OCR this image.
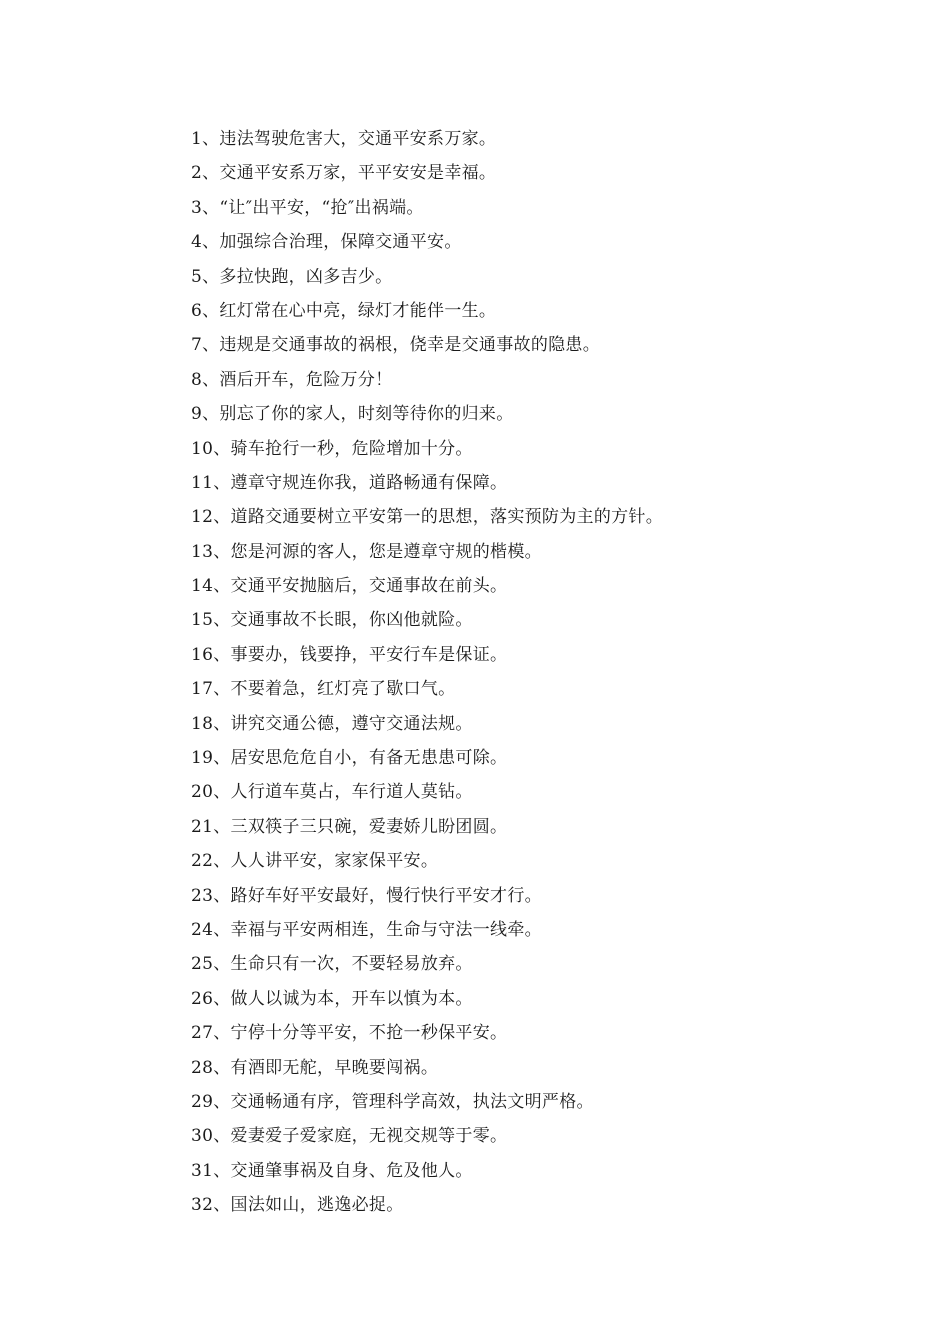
1、违法驾驶危害大，交通平安系万家。
2、交通平安系万家，平平安安是幸福。
3、“让″出平安，“抢″出祸端。
4、加强综合治理，保障交通平安。
5、多拉快跑，凶多吉少。
6、红灯常在心中亮，绿灯才能伴一生。
7、违规是交通事故的祸根，侥幸是交通事故的隐患。
8、酒后开车，危险万分！
9、别忘了你的家人，时刻等待你的归来。
10、骑车抢行一秒，危险增加十分。
11、遵章守规连你我，道路畅通有保障。
12、道路交通要树立平安第一的思想，落实预防为主的方针。
13、您是河源的客人，您是遵章守规的楷模。
14、交通平安抛脑后，交通事故在前头。
15、交通事故不长眼，你凶他就险。
16、事要办，钱要挣，平安行车是保证。
17、不要着急，红灯亮了歇口气。
18、讲究交通公德，遵守交通法规。
19、居安思危危自小，有备无患患可除。
20、人行道车莫占，车行道人莫钻。
21、三双筷子三只碗，爱妻娇儿盼团圆。
22、人人讲平安，家家保平安。
23、路好车好平安最好，慢行快行平安才行。
24、幸福与平安两相连，生命与守法一线牵。
25、生命只有一次，不要轻易放弃。
26、做人以诚为本，开车以慎为本。
27、宁停十分等平安，不抢一秒保平安。
28、有酒即无舵，早晚要闯祸。
29、交通畅通有序，管理科学高效，执法文明严格。
30、爱妻爱子爱家庭，无视交规等于零。
31、交通肇事祸及自身、危及他人。
32、国法如山，逃逸必捉。
